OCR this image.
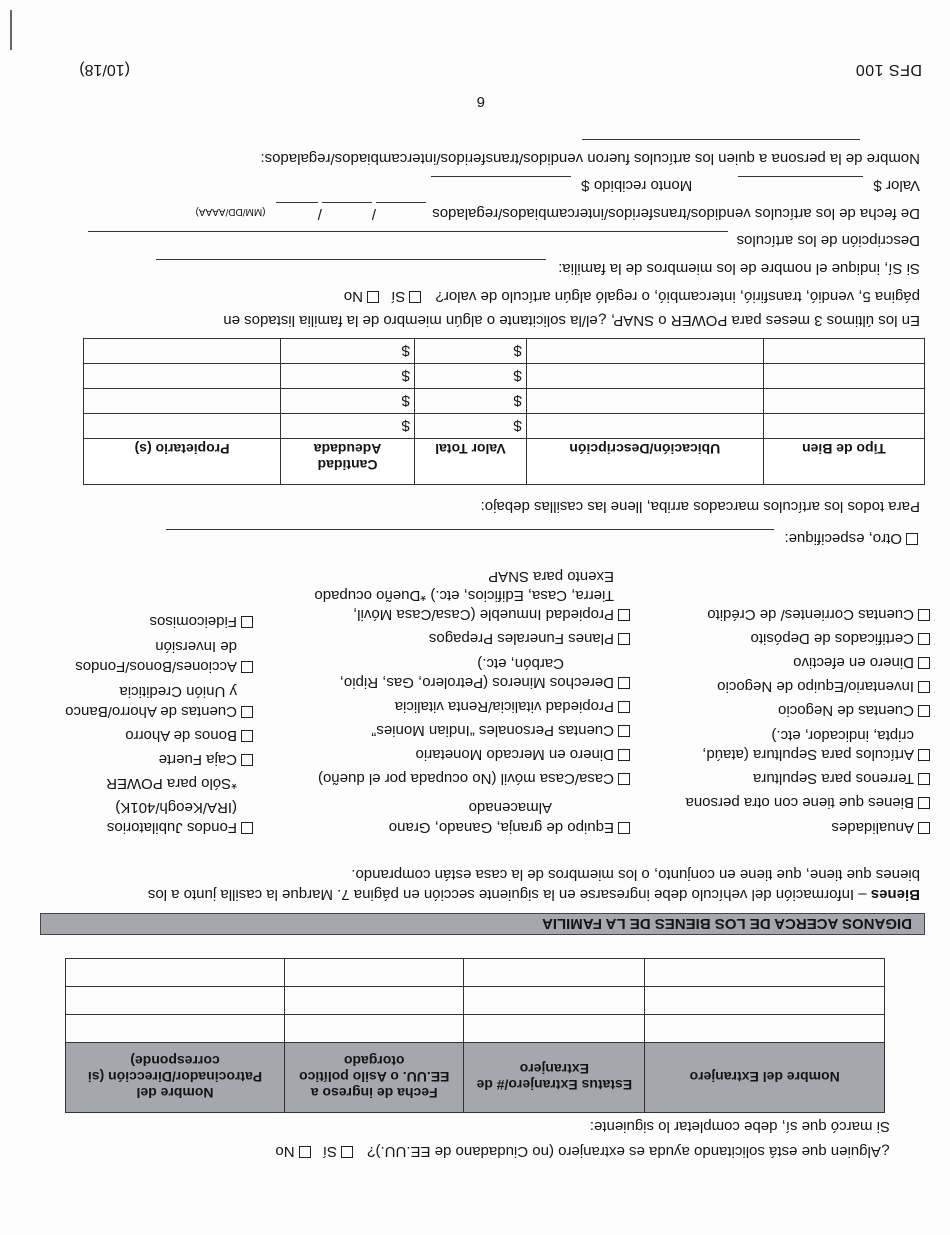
¿Alguien que está solicitando ayuda es extranjero (no Ciudadano de EE.UU.)? Sí No
Si marcó que sí, debe completar lo siguiente:
Nombre del Extranjero	Estatus Extranjero/# de Extranjero	Fecha de ingreso a EE.UU. o Asilo político otorgado	Nombre del Patrocinador/Dirección (si corresponde)

DIGANOS ACERCA DE LOS BIENES DE LA FAMILIA
Bienes – Información del vehículo debe ingresarse en la siguiente sección en página 7. Marque la casilla junto a los
bienes que tiene, que tiene en conjunto, o los miembros de la casa están comprando.
Anualidades
Bienes que tiene con otra persona
Terrenos para Sepultura
Artículos para Sepultura (ataúd,
cripta, indicador, etc.)
Cuentas de Negocio
Inventario/Equipo de Negocio
Dinero en efectivo
Certificados de Depósito
Cuentas Corrientes/ de Crédito
Equipo de granja, Ganado, Grano
Almacenado
Casa/Casa móvil (No ocupada por el dueño)
Dinero en Mercado Monetario
Cuentas Personales “Indian Monies”
Propiedad vitalicia/Renta vitalicia
Derechos Mineros (Petrolero, Gas, Ripio,
Carbón, etc.)
Planes Funerales Prepagos
Propiedad Inmueble (Casa/Casa Móvil,
Tierra, Casa, Edificios, etc.) *Dueño ocupado
Exento para SNAP
Fondos Jubilatorios
(IRA/Keogh/401K)
*Sólo para POWER
Caja Fuerte
Bonos de Ahorro
Cuentas de Ahorro/Banco
y Unión Crediticia
Acciones/Bonos/Fondos
de Inversión
Fideicomisos
Otro, especifique:
Para todos los artículos marcados arriba, llene las casillas debajo:
Tipo de Bien	Ubicación/Descripción	Valor Total	Cantidad Adeudada	Propietario (s)
		$	$	
		$	$	
		$	$	
		$	$	
En los últimos 3 meses para POWER o SNAP, ¿el/la solicitante o algún miembro de la familia listados en
página 5, vendió, transfirió, intercambió, o regaló algún artículo de valor? Sí No
Si Sí, indique el nombre de los miembros de la familia:
Descripción de los artículos
De fecha de los artículos vendidos/transferidos/intercambiados/regalados // (MM/DD/AAAA)
Valor $  Monto recibido $
Nombre de la persona a quien los artículos fueron vendidos/transferidos/intercambiados/regalados:
6
DFS 100
(10/18)
